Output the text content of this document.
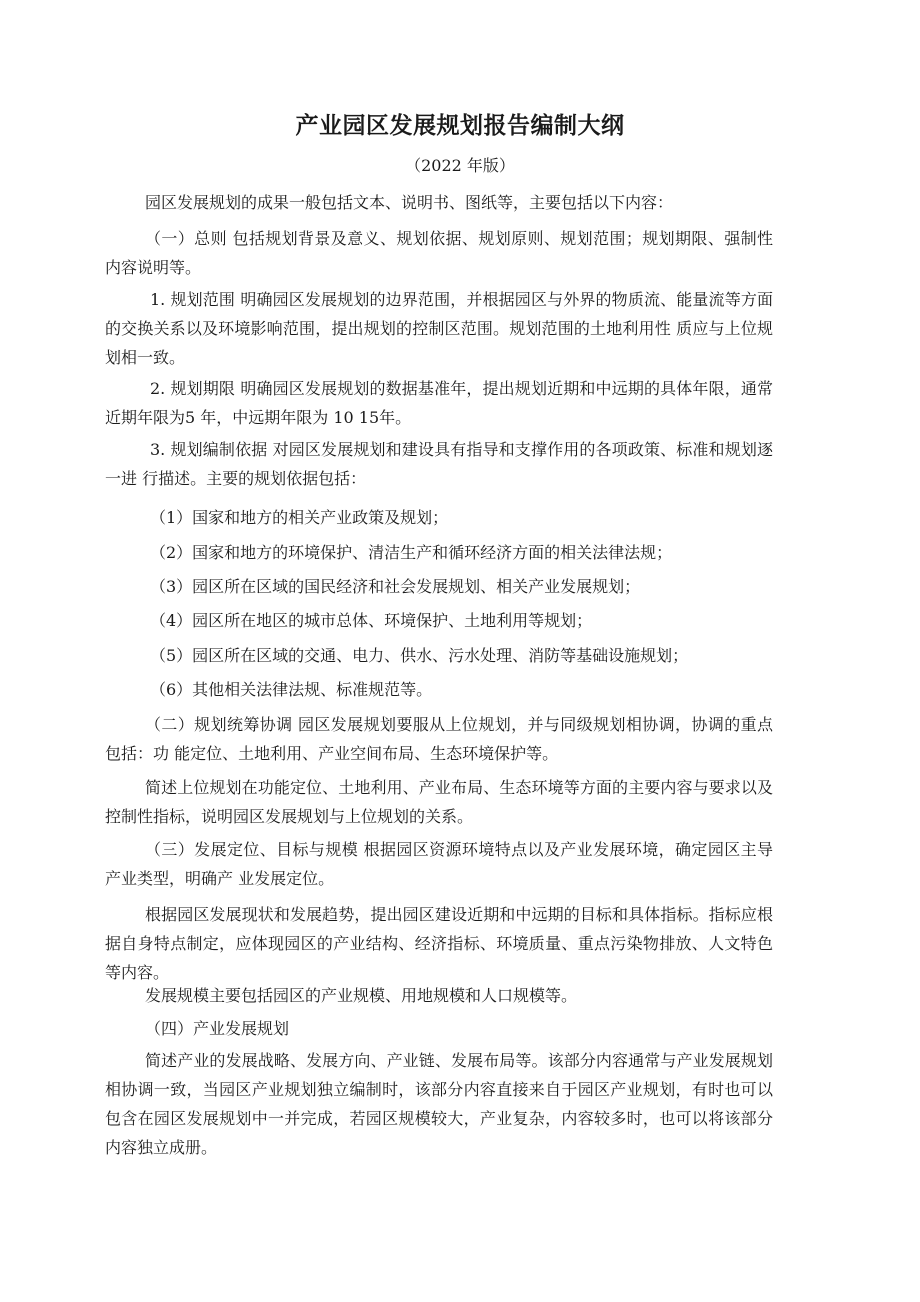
产业园区发展规划报告编制大纲
（2022 年版）

园区发展规划的成果一般包括文本、说明书、图纸等，主要包括以下内容：

（一）总则 包括规划背景及意义、规划依据、规划原则、规划范围；规划期限、强制性 内容说明等。

1. 规划范围 明确园区发展规划的边界范围，并根据园区与外界的物质流、能量流等方面 的交换关系以及环境影响范围，提出规划的控制区范围。规划范围的土地利用性 质应与上位规划相一致。

2. 规划期限 明确园区发展规划的数据基准年，提出规划近期和中远期的具体年限，通常 近期年限为5 年，中远期年限为 10 15年。

3. 规划编制依据 对园区发展规划和建设具有指导和支撑作用的各项政策、标准和规划逐一进 行描述。主要的规划依据包括：

（1）国家和地方的相关产业政策及规划；

（2）国家和地方的环境保护、清洁生产和循环经济方面的相关法律法规；

（3）园区所在区域的国民经济和社会发展规划、相关产业发展规划；

（4）园区所在地区的城市总体、环境保护、土地利用等规划；

（5）园区所在区域的交通、电力、供水、污水处理、消防等基础设施规划；

（6）其他相关法律法规、标准规范等。

（二）规划统筹协调 园区发展规划要服从上位规划，并与同级规划相协调，协调的重点包括：功 能定位、土地利用、产业空间布局、生态环境保护等。

简述上位规划在功能定位、土地利用、产业布局、生态环境等方面的主要内容与要求以及控制性指标，说明园区发展规划与上位规划的关系。

（三）发展定位、目标与规模 根据园区资源环境特点以及产业发展环境，确定园区主导产业类型，明确产 业发展定位。

根据园区发展现状和发展趋势，提出园区建设近期和中远期的目标和具体指标。指标应根据自身特点制定，应体现园区的产业结构、经济指标、环境质量、重点污染物排放、人文特色等内容。

发展规模主要包括园区的产业规模、用地规模和人口规模等。

（四）产业发展规划

简述产业的发展战略、发展方向、产业链、发展布局等。该部分内容通常与产业发展规划相协调一致，当园区产业规划独立编制时，该部分内容直接来自于园区产业规划，有时也可以包含在园区发展规划中一并完成，若园区规模较大，产业复杂，内容较多时，也可以将该部分内容独立成册。
